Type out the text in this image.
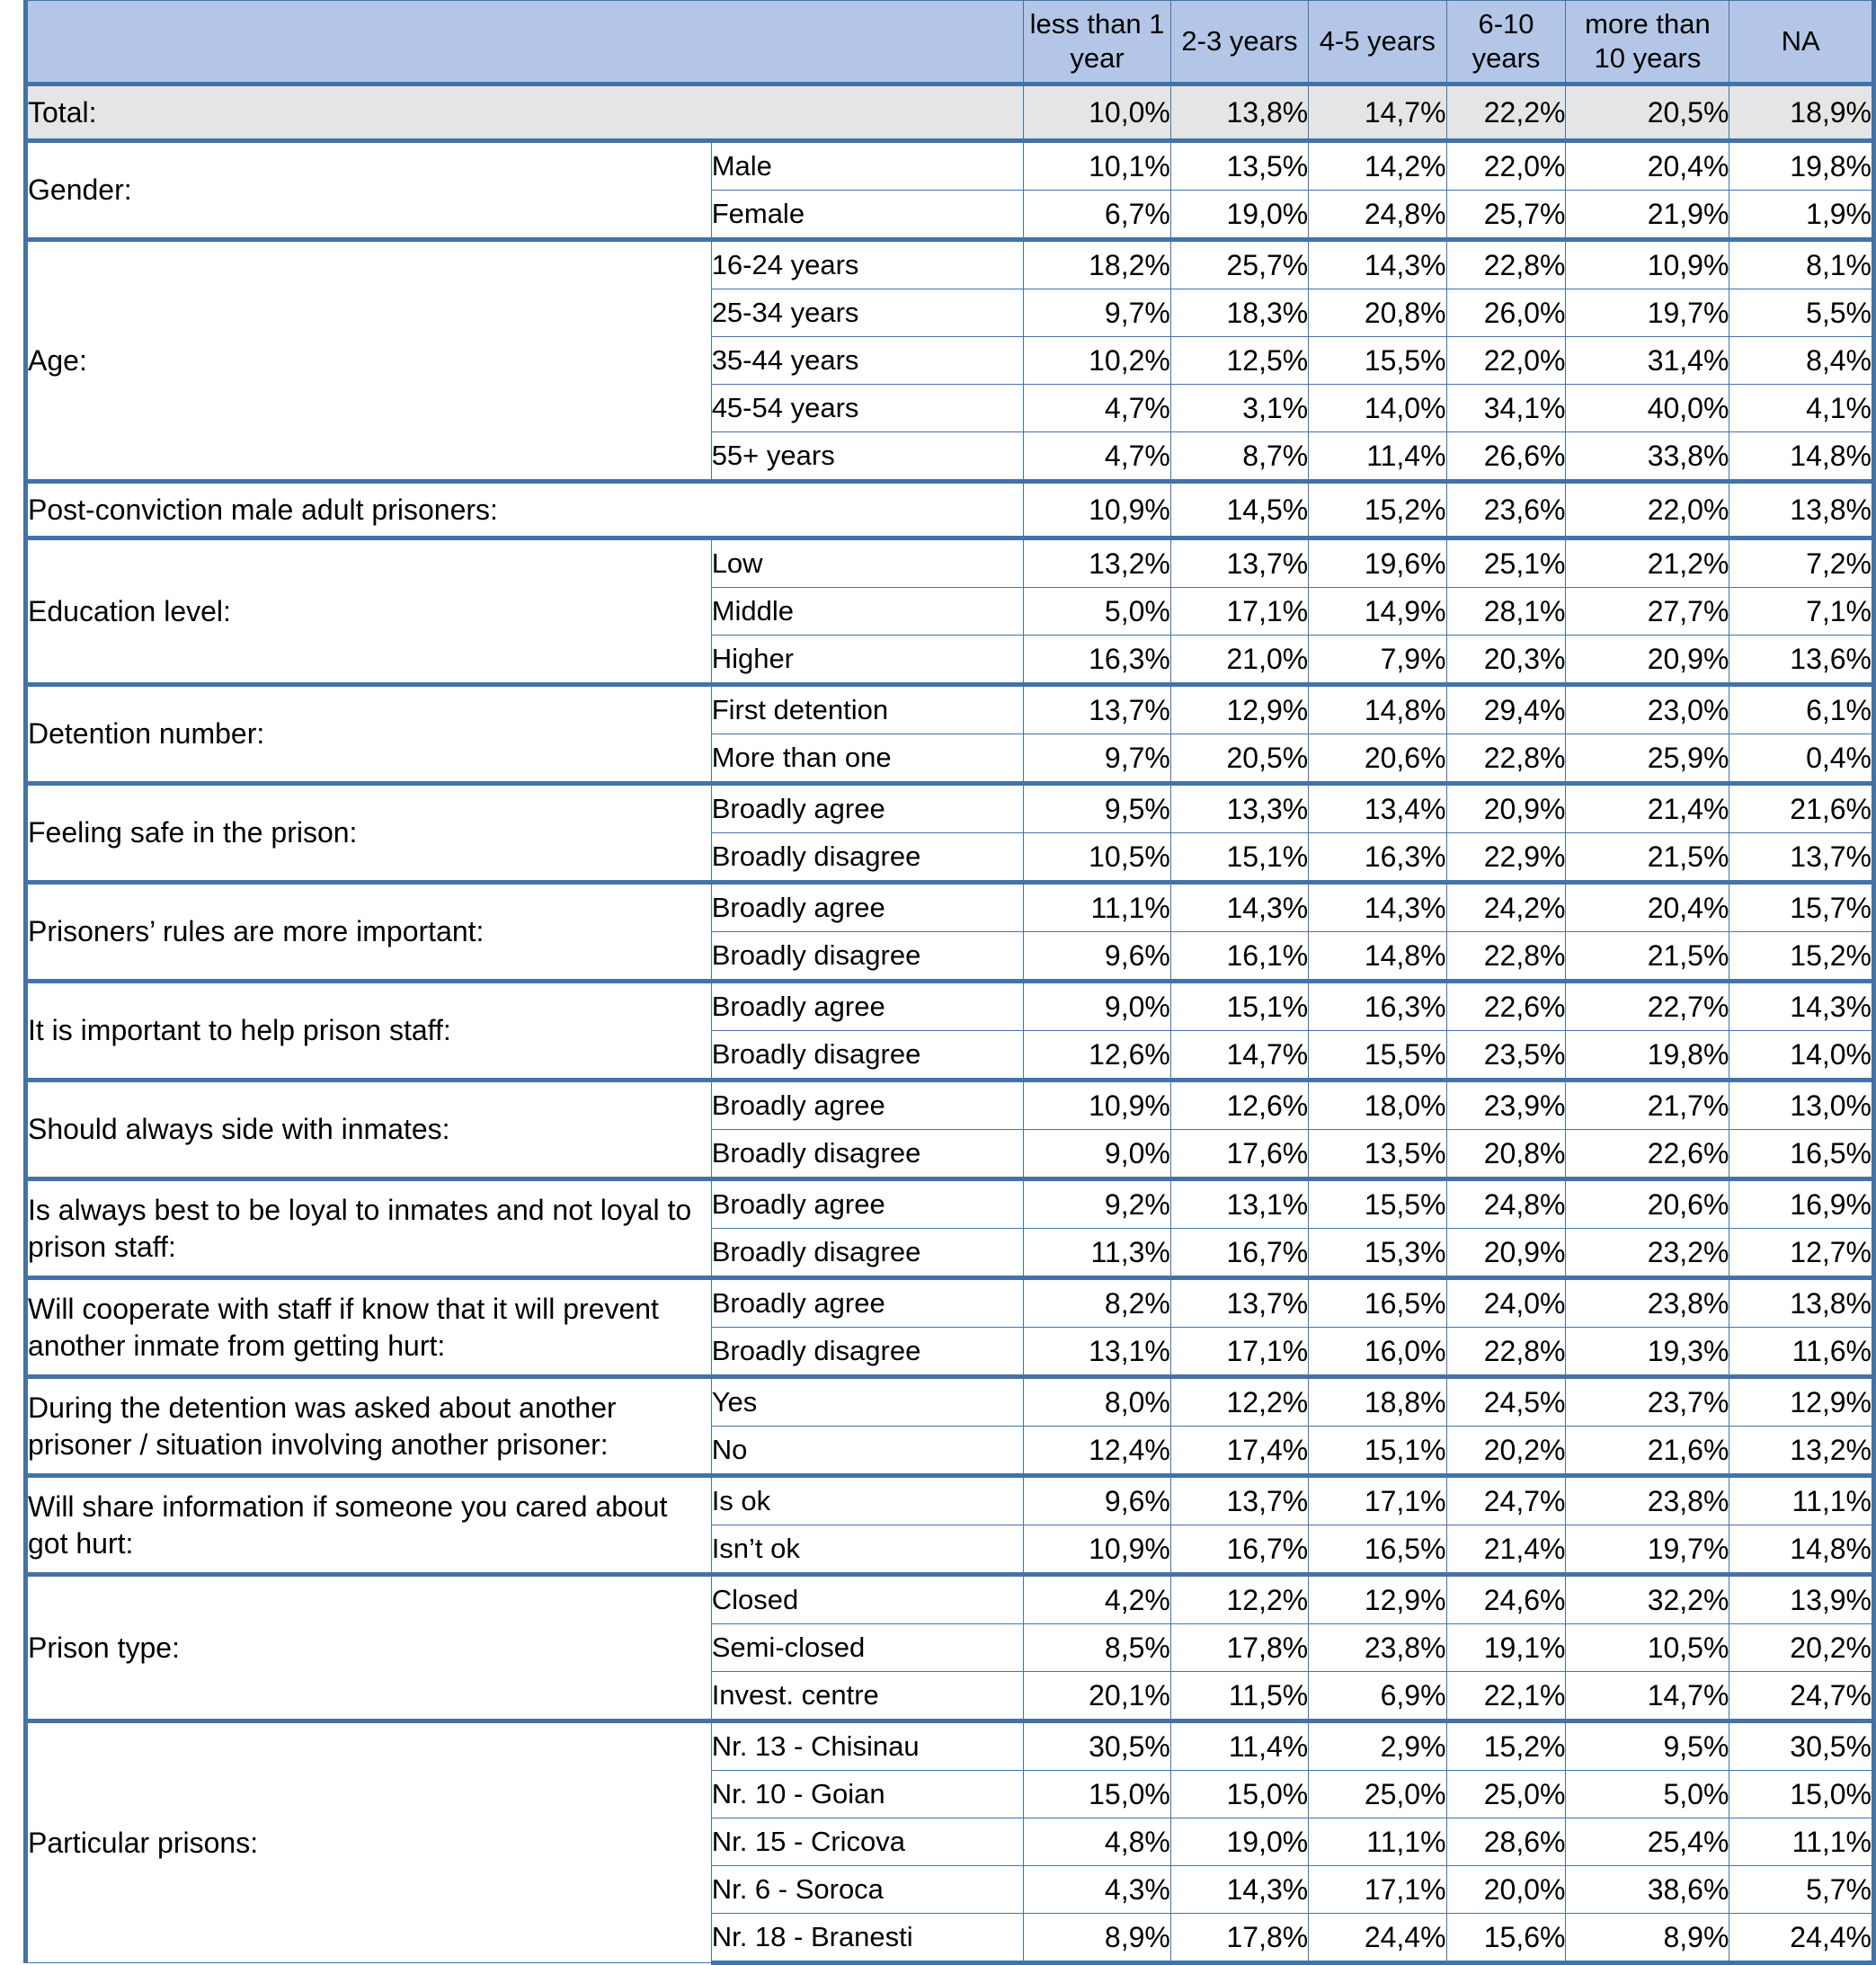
		less than 1 year	2-3 years	4-5 years	6-10 years	more than 10 years	NA
Total:		10,0%	13,8%	14,7%	22,2%	20,5%	18,9%
Gender:	Male	10,1%	13,5%	14,2%	22,0%	20,4%	19,8%
	Female	6,7%	19,0%	24,8%	25,7%	21,9%	1,9%
Age:	16-24 years	18,2%	25,7%	14,3%	22,8%	10,9%	8,1%
	25-34 years	9,7%	18,3%	20,8%	26,0%	19,7%	5,5%
	35-44 years	10,2%	12,5%	15,5%	22,0%	31,4%	8,4%
	45-54 years	4,7%	3,1%	14,0%	34,1%	40,0%	4,1%
	55+ years	4,7%	8,7%	11,4%	26,6%	33,8%	14,8%
Post-conviction male adult prisoners:		10,9%	14,5%	15,2%	23,6%	22,0%	13,8%
Education level:	Low	13,2%	13,7%	19,6%	25,1%	21,2%	7,2%
	Middle	5,0%	17,1%	14,9%	28,1%	27,7%	7,1%
	Higher	16,3%	21,0%	7,9%	20,3%	20,9%	13,6%
Detention number:	First detention	13,7%	12,9%	14,8%	29,4%	23,0%	6,1%
	More than one	9,7%	20,5%	20,6%	22,8%	25,9%	0,4%
Feeling safe in the prison:	Broadly agree	9,5%	13,3%	13,4%	20,9%	21,4%	21,6%
	Broadly disagree	10,5%	15,1%	16,3%	22,9%	21,5%	13,7%
Prisoners’ rules are more important:	Broadly agree	11,1%	14,3%	14,3%	24,2%	20,4%	15,7%
	Broadly disagree	9,6%	16,1%	14,8%	22,8%	21,5%	15,2%
It is important to help prison staff:	Broadly agree	9,0%	15,1%	16,3%	22,6%	22,7%	14,3%
	Broadly disagree	12,6%	14,7%	15,5%	23,5%	19,8%	14,0%
Should always side with inmates:	Broadly agree	10,9%	12,6%	18,0%	23,9%	21,7%	13,0%
	Broadly disagree	9,0%	17,6%	13,5%	20,8%	22,6%	16,5%
Is always best to be loyal to inmates and not loyal to prison staff:	Broadly agree	9,2%	13,1%	15,5%	24,8%	20,6%	16,9%
	Broadly disagree	11,3%	16,7%	15,3%	20,9%	23,2%	12,7%
Will cooperate with staff if know that it will prevent another inmate from getting hurt:	Broadly agree	8,2%	13,7%	16,5%	24,0%	23,8%	13,8%
	Broadly disagree	13,1%	17,1%	16,0%	22,8%	19,3%	11,6%
During the detention was asked about another prisoner / situation involving another prisoner:	Yes	8,0%	12,2%	18,8%	24,5%	23,7%	12,9%
	No	12,4%	17,4%	15,1%	20,2%	21,6%	13,2%
Will share information if someone you cared about got hurt:	Is ok	9,6%	13,7%	17,1%	24,7%	23,8%	11,1%
	Isn’t ok	10,9%	16,7%	16,5%	21,4%	19,7%	14,8%
Prison type:	Closed	4,2%	12,2%	12,9%	24,6%	32,2%	13,9%
	Semi-closed	8,5%	17,8%	23,8%	19,1%	10,5%	20,2%
	Invest. centre	20,1%	11,5%	6,9%	22,1%	14,7%	24,7%
Particular prisons:	Nr. 13 - Chisinau	30,5%	11,4%	2,9%	15,2%	9,5%	30,5%
	Nr. 10 - Goian	15,0%	15,0%	25,0%	25,0%	5,0%	15,0%
	Nr. 15 - Cricova	4,8%	19,0%	11,1%	28,6%	25,4%	11,1%
	Nr. 6 - Soroca	4,3%	14,3%	17,1%	20,0%	38,6%	5,7%
	Nr. 18 - Branesti	8,9%	17,8%	24,4%	15,6%	8,9%	24,4%
